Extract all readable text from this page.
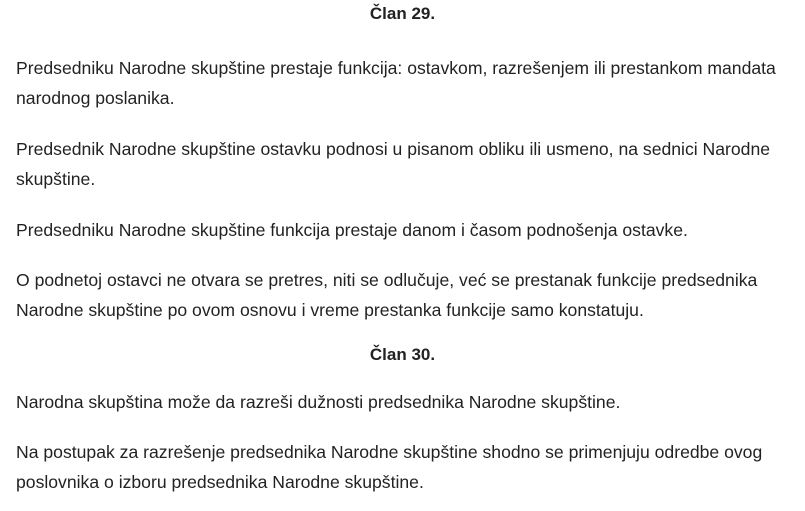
Član 29.

Predsedniku Narodne skupštine prestaje funkcija: ostavkom, razrešenjem ili prestankom mandata narodnog poslanika.

Predsednik Narodne skupštine ostavku podnosi u pisanom obliku ili usmeno, na sednici Narodne skupštine.

Predsedniku Narodne skupštine funkcija prestaje danom i časom podnošenja ostavke.

O podnetoj ostavci ne otvara se pretres, niti se odlučuje, već se prestanak funkcije predsednika Narodne skupštine po ovom osnovu i vreme prestanka funkcije samo konstatuju.

Član 30.

Narodna skupština može da razreši dužnosti predsednika Narodne skupštine.

Na postupak za razrešenje predsednika Narodne skupštine shodno se primenjuju odredbe ovog poslovnika o izboru predsednika Narodne skupštine.
